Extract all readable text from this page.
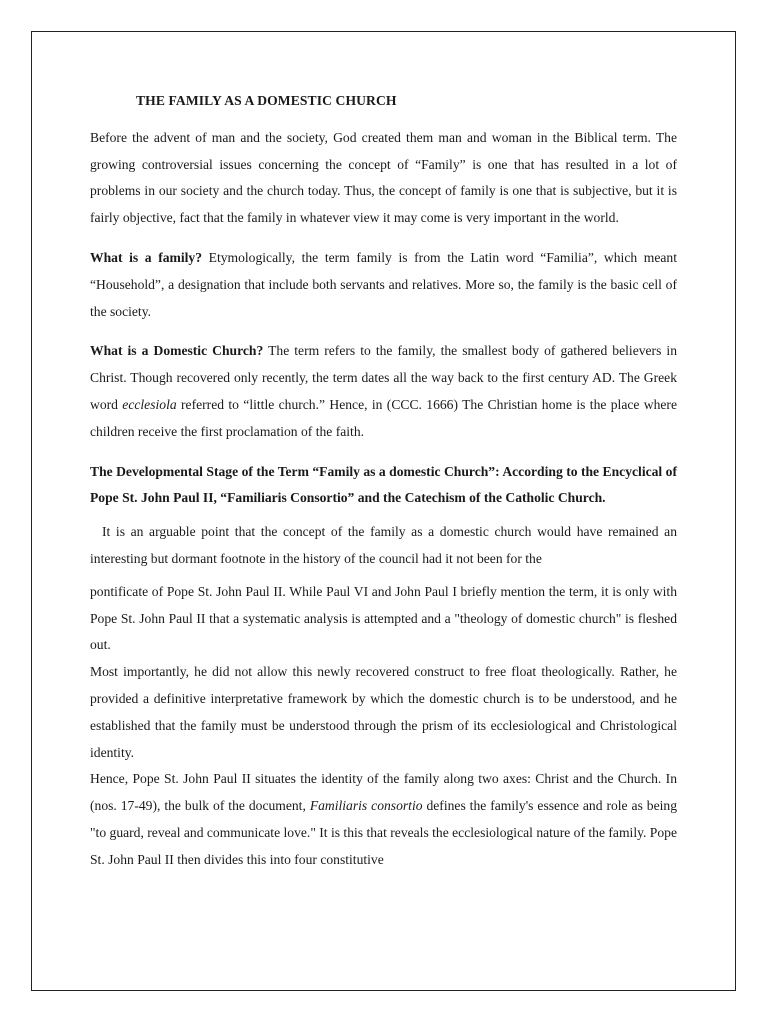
THE FAMILY AS A DOMESTIC CHURCH

Before the advent of man and the society, God created them man and woman in the Biblical term. The growing controversial issues concerning the concept of “Family” is one that has resulted in a lot of problems in our society and the church today. Thus, the concept of family is one that is subjective, but it is fairly objective, fact that the family in whatever view it may come is very important in the world.

What is a family? Etymologically, the term family is from the Latin word “Familia”, which meant “Household”, a designation that include both servants and relatives. More so, the family is the basic cell of the society.

What is a Domestic Church? The term refers to the family, the smallest body of gathered believers in Christ. Though recovered only recently, the term dates all the way back to the first century AD. The Greek word ecclesiola referred to “little church.” Hence, in (CCC. 1666) The Christian home is the place where children receive the first proclamation of the faith.

The Developmental Stage of the Term “Family as a domestic Church”: According to the Encyclical of Pope St. John Paul II, “Familiaris Consortio” and the Catechism of the Catholic Church.

It is an arguable point that the concept of the family as a domestic church would have remained an interesting but dormant footnote in the history of the council had it not been for the

pontificate of Pope St. John Paul II. While Paul VI and John Paul I briefly mention the term, it is only with Pope St. John Paul II that a systematic analysis is attempted and a "theology of domestic church" is fleshed out.

Most importantly, he did not allow this newly recovered construct to free float theologically. Rather, he provided a definitive interpretative framework by which the domestic church is to be understood, and he established that the family must be understood through the prism of its ecclesiological and Christological identity.

Hence, Pope St. John Paul II situates the identity of the family along two axes: Christ and the Church. In (nos. 17-49), the bulk of the document, Familiaris consortio defines the family's essence and role as being "to guard, reveal and communicate love." It is this that reveals the ecclesiological nature of the family. Pope St. John Paul II then divides this into four constitutive
